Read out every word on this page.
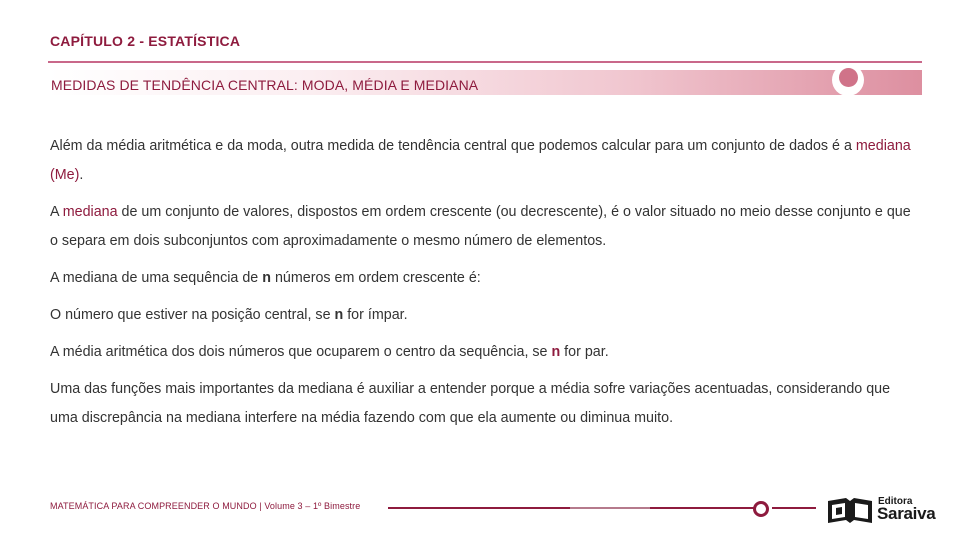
CAPÍTULO 2 - ESTATÍSTICA
MEDIDAS DE TENDÊNCIA CENTRAL: MODA, MÉDIA E MEDIANA

Além da média aritmética e da moda, outra medida de tendência central que podemos calcular para um conjunto de dados é a mediana (Me).

A mediana de um conjunto de valores, dispostos em ordem crescente (ou decrescente), é o valor situado no meio desse conjunto e que o separa em dois subconjuntos com aproximadamente o mesmo número de elementos.

A mediana de uma sequência de n números em ordem crescente é:

O número que estiver na posição central, se n for ímpar.

A média aritmética dos dois números que ocuparem o centro da sequência, se n for par.

Uma das funções mais importantes da mediana é auxiliar a entender porque a média sofre variações acentuadas, considerando que uma discrepância na mediana interfere na média fazendo com que ela aumente ou diminua muito.

MATEMÁTICA PARA COMPREENDER O MUNDO | Volume 3 – 1º Bimestre	Editora
Saraiva
